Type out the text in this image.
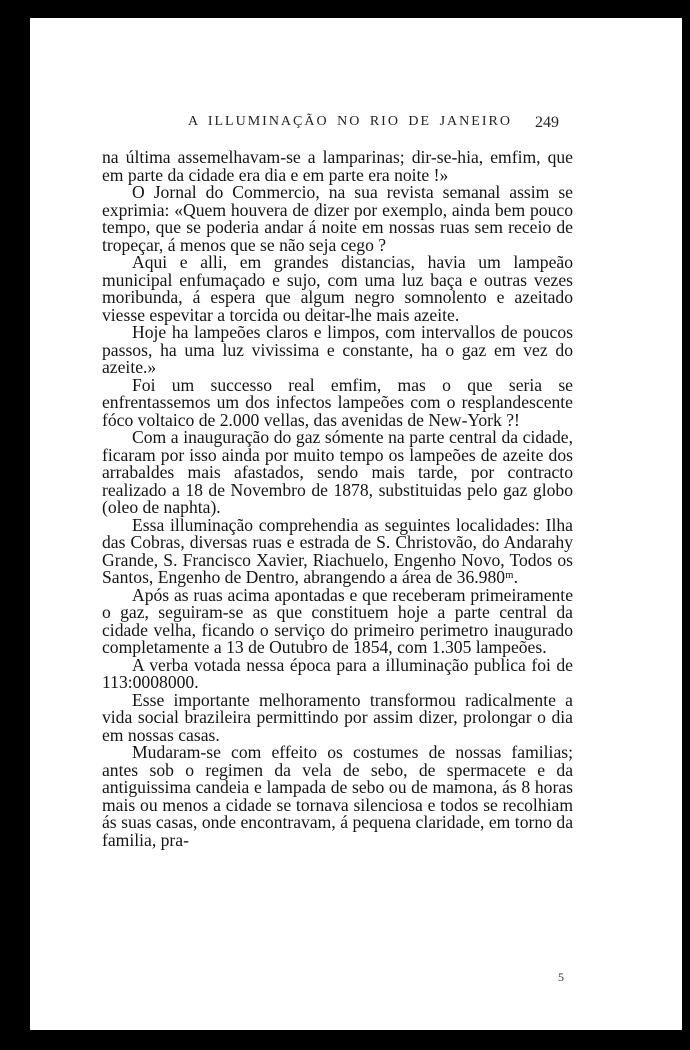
A ILLUMINAÇÃO NO RIO DE JANEIRO 249

na última assemelhavam-se a lamparinas; dir-se-hia, emfim, que em parte da cidade era dia e em parte era noite !»

O Jornal do Commercio, na sua revista semanal assim se exprimia: «Quem houvera de dizer por exemplo, ainda bem pouco tempo, que se poderia andar á noite em nossas ruas sem receio de tropeçar, á menos que se não seja cego ?

Aqui e alli, em grandes distancias, havia um lampeão municipal enfumaçado e sujo, com uma luz baça e outras vezes moribunda, á espera que algum negro somnolento e azeitado viesse espevitar a torcida ou deitar-lhe mais azeite.

Hoje ha lampeões claros e limpos, com intervallos de poucos passos, ha uma luz vivissima e constante, ha o gaz em vez do azeite.»

Foi um successo real emfim, mas o que seria se enfrentassemos um dos infectos lampeões com o resplandescente fóco voltaico de 2.000 vellas, das avenidas de New-York ?!

Com a inauguração do gaz sómente na parte central da cidade, ficaram por isso ainda por muito tempo os lampeões de azeite dos arrabaldes mais afastados, sendo mais tarde, por contracto realizado a 18 de Novembro de 1878, substituidas pelo gaz globo (oleo de naphta).

Essa illuminação comprehendia as seguintes localidades: Ilha das Cobras, diversas ruas e estrada de S. Christovão, do Andarahy Grande, S. Francisco Xavier, Riachuelo, Engenho Novo, Todos os Santos, Engenho de Dentro, abrangendo a área de 36.980ᵐ.

Após as ruas acima apontadas e que receberam primeiramente o gaz, seguiram-se as que constituem hoje a parte central da cidade velha, ficando o serviço do primeiro perimetro inaugurado completamente a 13 de Outubro de 1854, com 1.305 lampeões.

A verba votada nessa época para a illuminação publica foi de 113:0008000.

Esse importante melhoramento transformou radicalmente a vida social brazileira permittindo por assim dizer, prolongar o dia em nossas casas.

Mudaram-se com effeito os costumes de nossas familias; antes sob o regimen da vela de sebo, de spermacete e da antiguissima candeia e lampada de sebo ou de mamona, ás 8 horas mais ou menos a cidade se tornava silenciosa e todos se recolhiam ás suas casas, onde encontravam, á pequena claridade, em torno da familia, pra-

5
